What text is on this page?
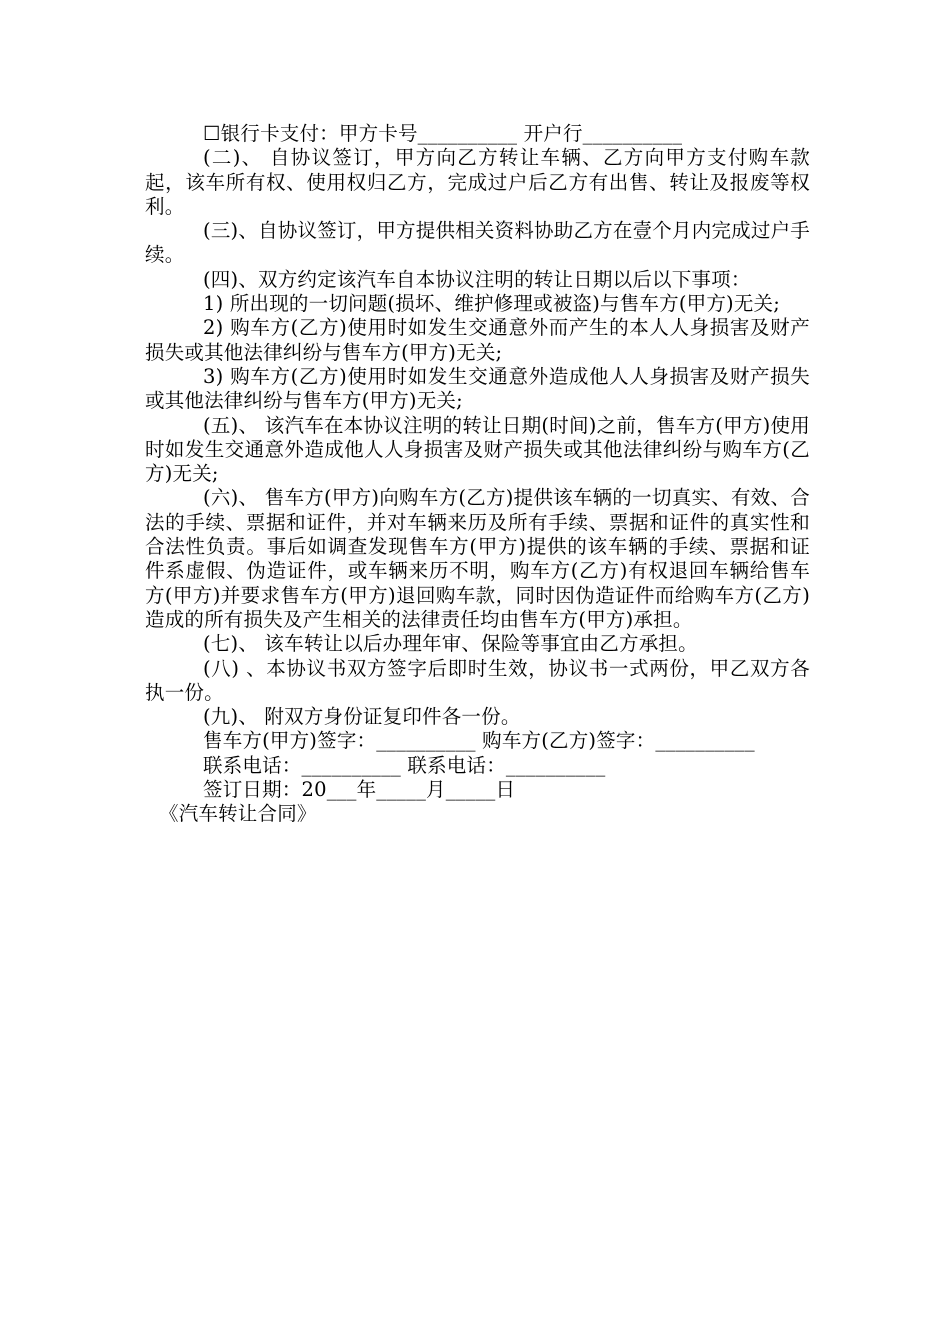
☐银行卡支付：甲方卡号__________ 开户行__________

(二)、 自协议签订，甲方向乙方转让车辆、乙方向甲方支付购车款起，该车所有权、使用权归乙方，完成过户后乙方有出售、转让及报废等权利。

(三)、自协议签订，甲方提供相关资料协助乙方在壹个月内完成过户手续。

(四)、双方约定该汽车自本协议注明的转让日期以后以下事项：

1) 所出现的一切问题(损坏、维护修理或被盗)与售车方(甲方)无关;

2) 购车方(乙方)使用时如发生交通意外而产生的本人人身损害及财产损失或其他法律纠纷与售车方(甲方)无关;

3) 购车方(乙方)使用时如发生交通意外造成他人人身损害及财产损失或其他法律纠纷与售车方(甲方)无关;

(五)、 该汽车在本协议注明的转让日期(时间)之前，售车方(甲方)使用时如发生交通意外造成他人人身损害及财产损失或其他法律纠纷与购车方(乙方)无关;

(六)、 售车方(甲方)向购车方(乙方)提供该车辆的一切真实、有效、合法的手续、票据和证件，并对车辆来历及所有手续、票据和证件的真实性和合法性负责。事后如调查发现售车方(甲方)提供的该车辆的手续、票据和证件系虚假、伪造证件，或车辆来历不明，购车方(乙方)有权退回车辆给售车方(甲方)并要求售车方(甲方)退回购车款，同时因伪造证件而给购车方(乙方)造成的所有损失及产生相关的法律责任均由售车方(甲方)承担。

(七)、 该车转让以后办理年审、保险等事宜由乙方承担。

(八) 、本协议书双方签字后即时生效，协议书一式两份，甲乙双方各执一份。

(九)、 附双方身份证复印件各一份。

售车方(甲方)签字：__________ 购车方(乙方)签字：__________

联系电话：__________ 联系电话：__________

签订日期：20___年_____月_____日

《汽车转让合同》
